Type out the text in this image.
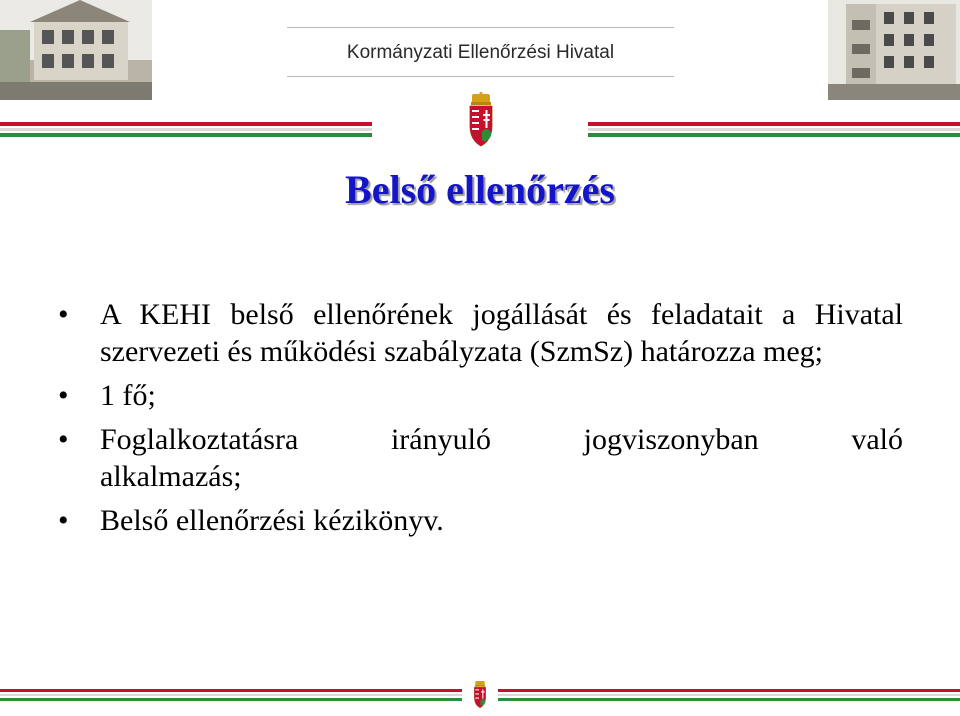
Kormányzati Ellenőrzési Hivatal
Belső ellenőrzés
• A KEHI belső ellenőrének jogállását és feladatait a Hivatal szervezeti és működési szabályzata (SzmSz) határozza meg;
• 1 fő;
• Foglalkoztatásra irányuló jogviszonyban való
alkalmazás;
• Belső ellenőrzési kézikönyv.
